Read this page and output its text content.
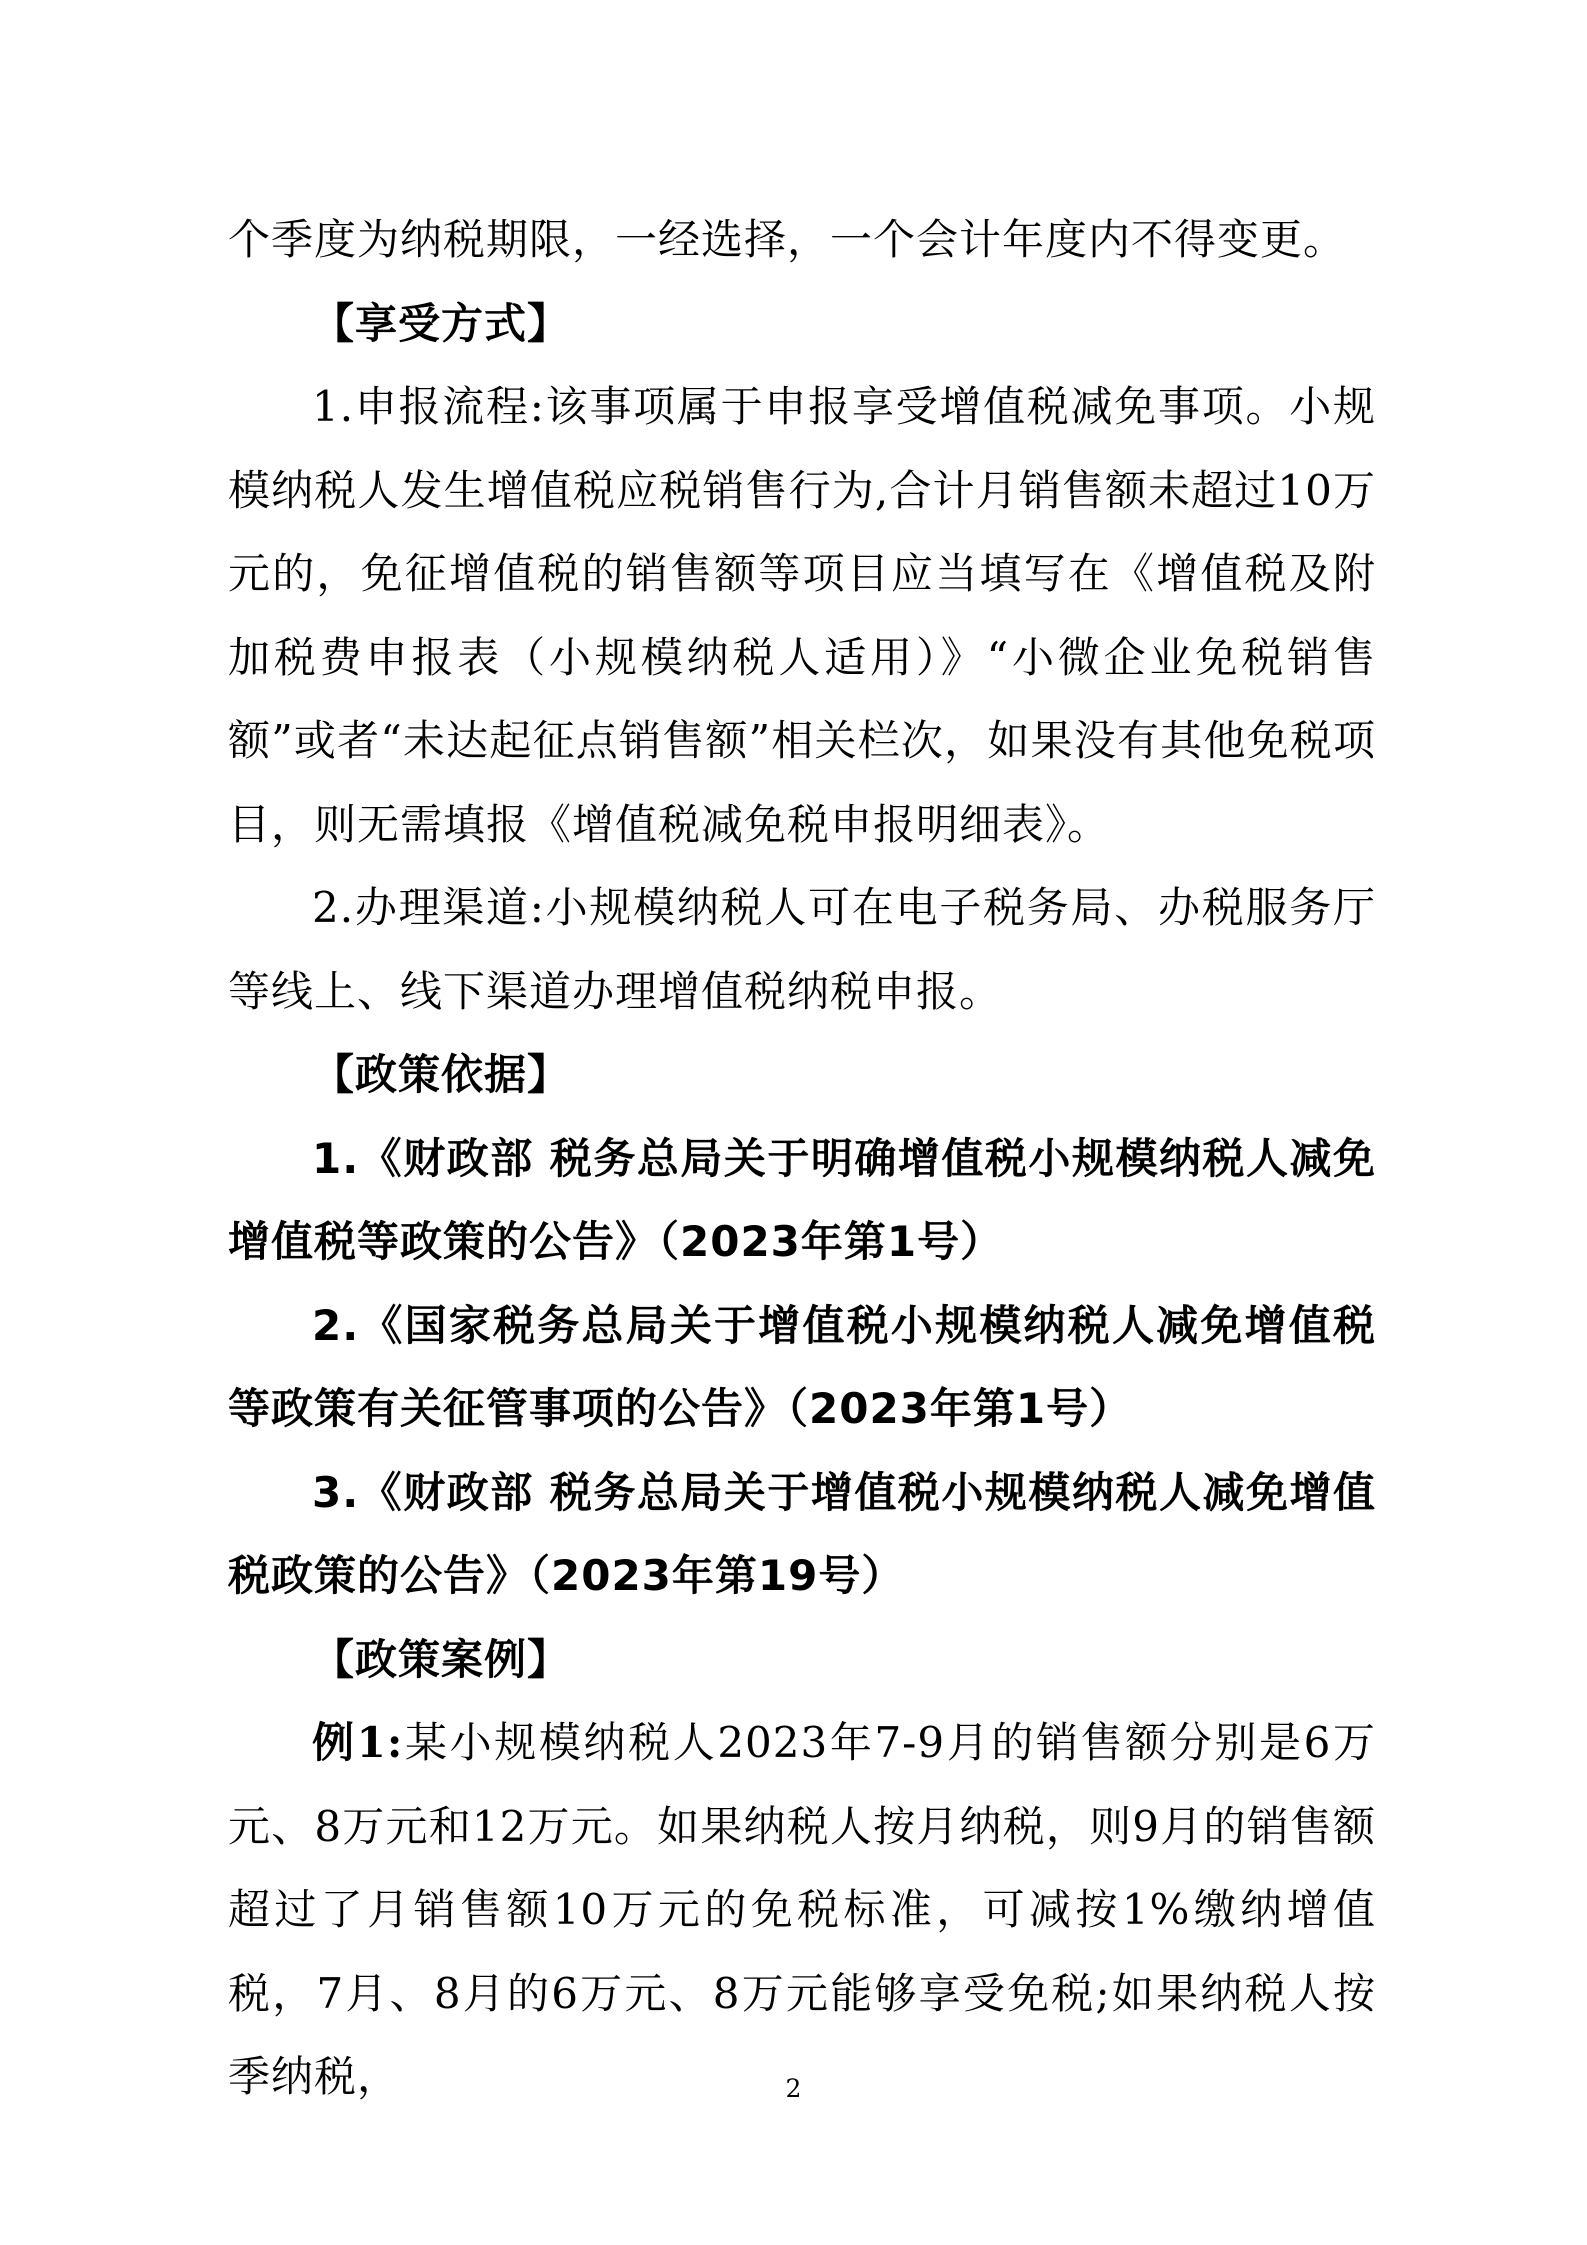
个季度为纳税期限，一经选择，一个会计年度内不得变更。

【享受方式】

1.申报流程:该事项属于申报享受增值税减免事项。小规模纳税人发生增值税应税销售行为,合计月销售额未超过10万元的，免征增值税的销售额等项目应当填写在《增值税及附加税费申报表（小规模纳税人适用）》“小微企业免税销售额”或者“未达起征点销售额”相关栏次，如果没有其他免税项目，则无需填报《增值税减免税申报明细表》。

2.办理渠道:小规模纳税人可在电子税务局、办税服务厅等线上、线下渠道办理增值税纳税申报。

【政策依据】

1.《财政部 税务总局关于明确增值税小规模纳税人减免增值税等政策的公告》（2023年第1号）

2.《国家税务总局关于增值税小规模纳税人减免增值税等政策有关征管事项的公告》（2023年第1号）

3.《财政部 税务总局关于增值税小规模纳税人减免增值税政策的公告》（2023年第19号）

【政策案例】

例1:某小规模纳税人2023年7-9月的销售额分别是6万元、8万元和12万元。如果纳税人按月纳税，则9月的销售额超过了月销售额10万元的免税标准，可减按1%缴纳增值税，7月、8月的6万元、8万元能够享受免税;如果纳税人按季纳税，	2
